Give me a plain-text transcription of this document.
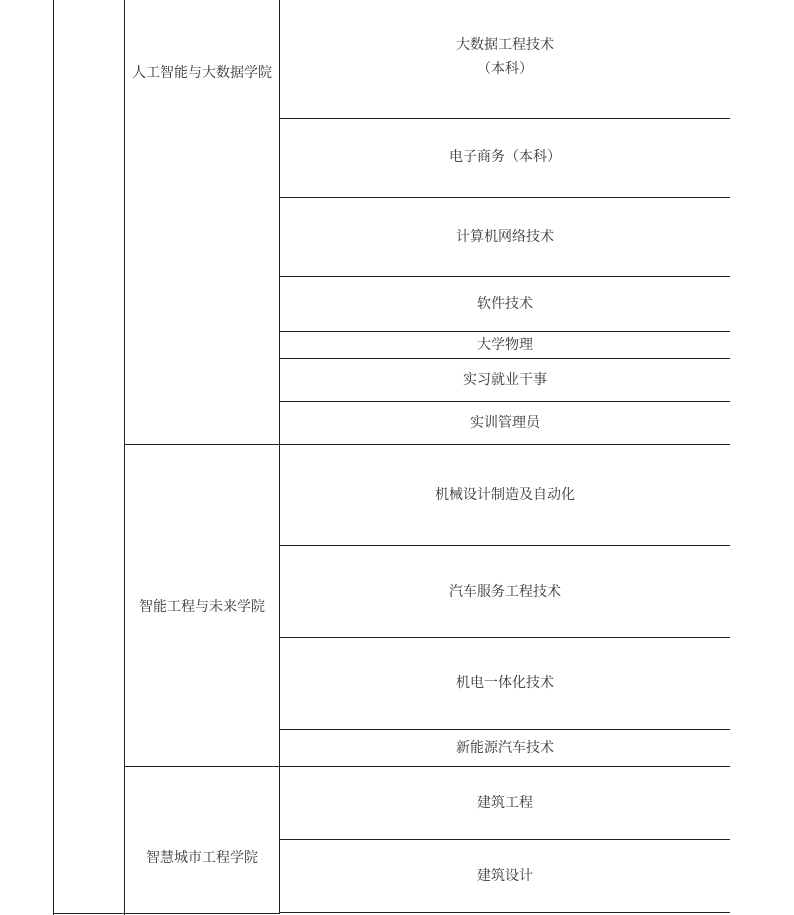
人工智能与大数据学院
智能工程与未来学院
智慧城市工程学院
大数据工程技术
（本科）
电子商务（本科）
计算机网络技术
软件技术
大学物理
实习就业干事
实训管理员
机械设计制造及自动化
汽车服务工程技术
机电一体化技术
新能源汽车技术
建筑工程
建筑设计
